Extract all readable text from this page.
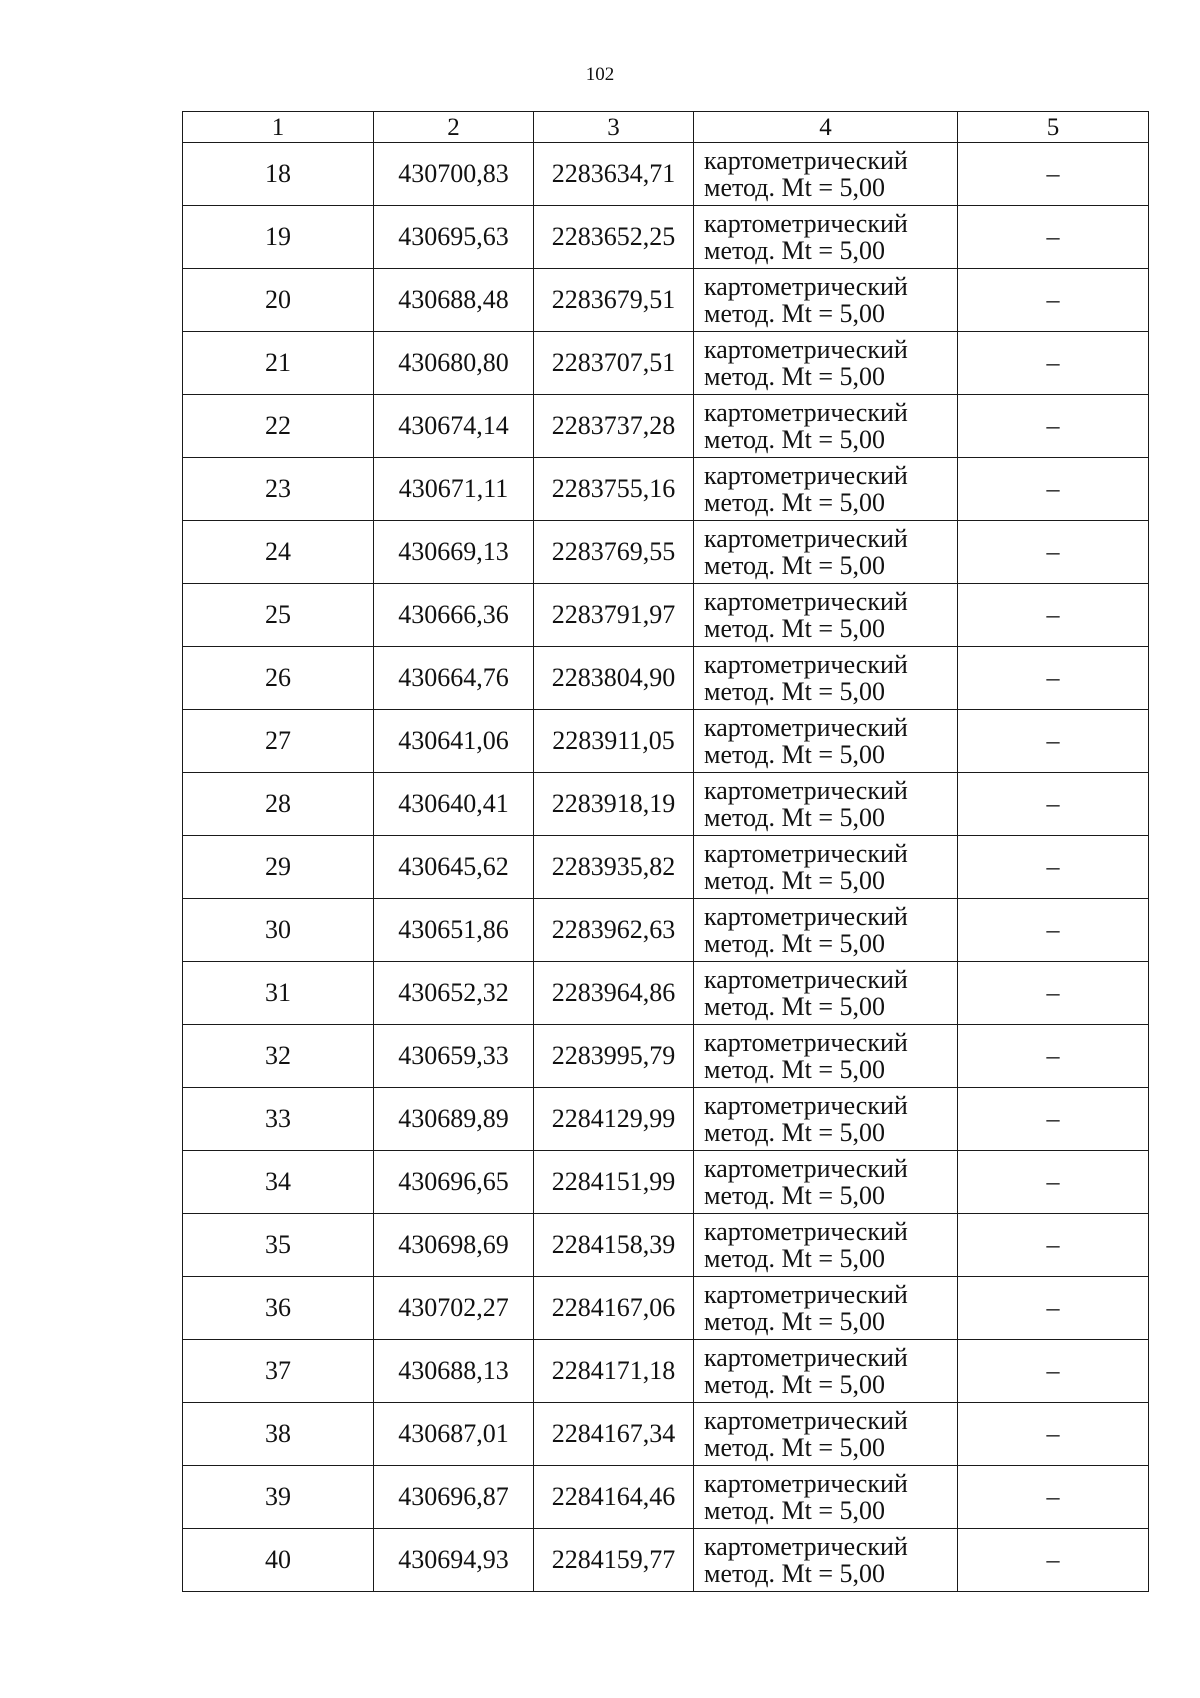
102
1	2	3	4	5
18	430700,83	2283634,71	картометрический
метод. Mt = 5,00	–
19	430695,63	2283652,25	картометрический
метод. Mt = 5,00	–
20	430688,48	2283679,51	картометрический
метод. Mt = 5,00	–
21	430680,80	2283707,51	картометрический
метод. Mt = 5,00	–
22	430674,14	2283737,28	картометрический
метод. Mt = 5,00	–
23	430671,11	2283755,16	картометрический
метод. Mt = 5,00	–
24	430669,13	2283769,55	картометрический
метод. Mt = 5,00	–
25	430666,36	2283791,97	картометрический
метод. Mt = 5,00	–
26	430664,76	2283804,90	картометрический
метод. Mt = 5,00	–
27	430641,06	2283911,05	картометрический
метод. Mt = 5,00	–
28	430640,41	2283918,19	картометрический
метод. Mt = 5,00	–
29	430645,62	2283935,82	картометрический
метод. Mt = 5,00	–
30	430651,86	2283962,63	картометрический
метод. Mt = 5,00	–
31	430652,32	2283964,86	картометрический
метод. Mt = 5,00	–
32	430659,33	2283995,79	картометрический
метод. Mt = 5,00	–
33	430689,89	2284129,99	картометрический
метод. Mt = 5,00	–
34	430696,65	2284151,99	картометрический
метод. Mt = 5,00	–
35	430698,69	2284158,39	картометрический
метод. Mt = 5,00	–
36	430702,27	2284167,06	картометрический
метод. Mt = 5,00	–
37	430688,13	2284171,18	картометрический
метод. Mt = 5,00	–
38	430687,01	2284167,34	картометрический
метод. Mt = 5,00	–
39	430696,87	2284164,46	картометрический
метод. Mt = 5,00	–
40	430694,93	2284159,77	картометрический
метод. Mt = 5,00	–
